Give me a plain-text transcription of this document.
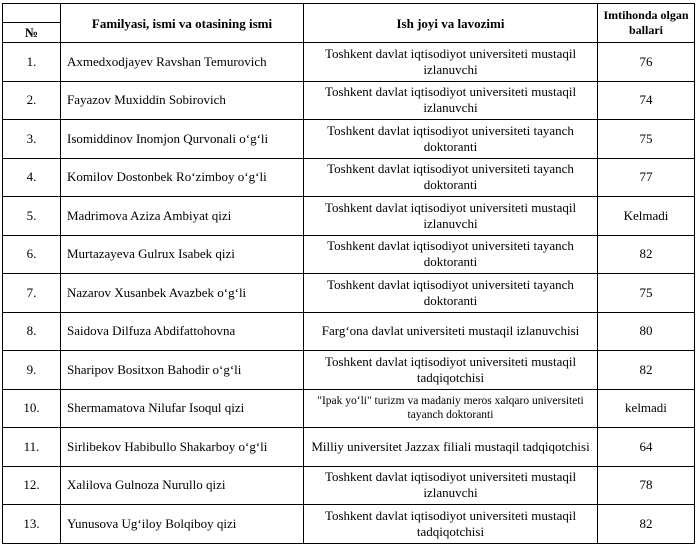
№	Familyasi, ismi va otasining ismi	Ish joyi va lavozimi	Imtihonda olgan ballari
1.	Axmedxodjayev Ravshan Temurovich	Toshkent davlat iqtisodiyot universiteti mustaqil izlanuvchi	76
2.	Fayazov Muxiddin Sobirovich	Toshkent davlat iqtisodiyot universiteti mustaqil izlanuvchi	74
3.	Isomiddinov Inomjon Qurvonali o‘g‘li	Toshkent davlat iqtisodiyot universiteti tayanch doktoranti	75
4.	Komilov Dostonbek Ro‘zimboy o‘g‘li	Toshkent davlat iqtisodiyot universiteti tayanch doktoranti	77
5.	Madrimova Aziza Ambiyat qizi	Toshkent davlat iqtisodiyot universiteti mustaqil izlanuvchi	Kelmadi
6.	Murtazayeva Gulrux Isabek qizi	Toshkent davlat iqtisodiyot universiteti tayanch doktoranti	82
7.	Nazarov Xusanbek Avazbek o‘g‘li	Toshkent davlat iqtisodiyot universiteti tayanch doktoranti	75
8.	Saidova Dilfuza Abdifattohovna	Farg‘ona davlat universiteti mustaqil izlanuvchisi	80
9.	Sharipov Bositxon Bahodir o‘g‘li	Toshkent davlat iqtisodiyot universiteti mustaqil tadqiqotchisi	82
10.	Shermamatova Nilufar Isoqul qizi	"Ipak yo‘li" turizm va madaniy meros xalqaro universiteti tayanch doktoranti	kelmadi
11.	Sirlibekov Habibullo Shakarboy o‘g‘li	Milliy universitet Jazzax filiali mustaqil tadqiqotchisi	64
12.	Xalilova Gulnoza Nurullo qizi	Toshkent davlat iqtisodiyot universiteti mustaqil izlanuvchi	78
13.	Yunusova Ug‘iloy Bolqiboy qizi	Toshkent davlat iqtisodiyot universiteti mustaqil tadqiqotchisi	82
